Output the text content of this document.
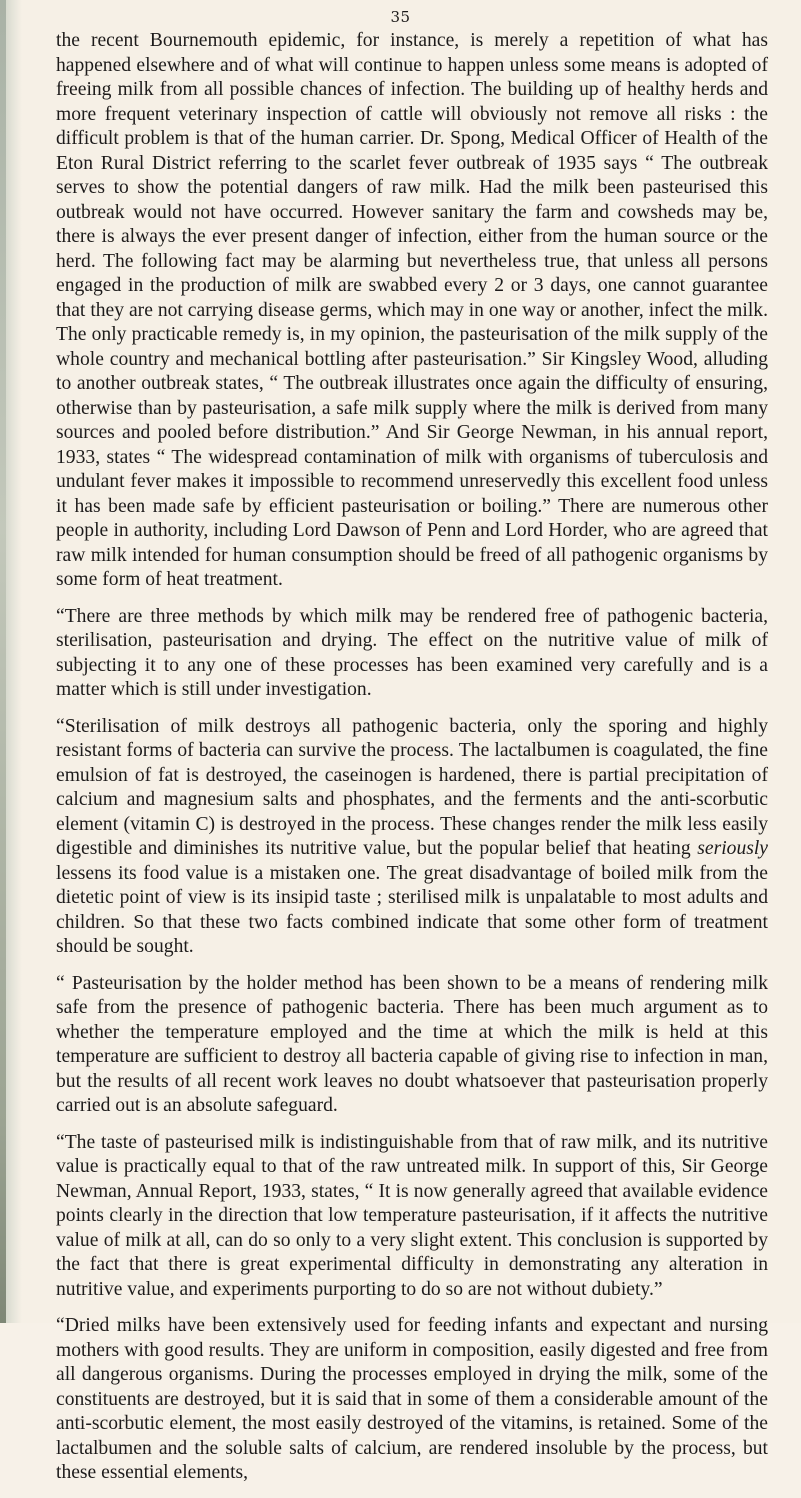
35

the recent Bournemouth epidemic, for instance, is merely a repetition of what has happened elsewhere and of what will continue to happen unless some means is adopted of freeing milk from all possible chances of infection. The building up of healthy herds and more frequent veterinary inspection of cattle will obviously not remove all risks : the difficult problem is that of the human carrier. Dr. Spong, Medical Officer of Health of the Eton Rural District referring to the scarlet fever outbreak of 1935 says “ The outbreak serves to show the potential dangers of raw milk. Had the milk been pasteurised this outbreak would not have occurred. However sanitary the farm and cowsheds may be, there is always the ever present danger of infection, either from the human source or the herd. The following fact may be alarming but nevertheless true, that unless all persons engaged in the production of milk are swabbed every 2 or 3 days, one cannot guarantee that they are not carrying disease germs, which may in one way or another, infect the milk. The only practicable remedy is, in my opinion, the pasteurisation of the milk supply of the whole country and mechanical bottling after pasteurisation.” Sir Kingsley Wood, alluding to another outbreak states, “ The outbreak illustrates once again the difficulty of ensuring, otherwise than by pasteurisation, a safe milk supply where the milk is derived from many sources and pooled before distribution.” And Sir George Newman, in his annual report, 1933, states “ The widespread contamination of milk with organisms of tuberculosis and undulant fever makes it impossible to recommend unreservedly this excellent food unless it has been made safe by efficient pasteurisation or boiling.” There are numerous other people in authority, including Lord Dawson of Penn and Lord Horder, who are agreed that raw milk intended for human consumption should be freed of all pathogenic organisms by some form of heat treatment.

“There are three methods by which milk may be rendered free of pathogenic bacteria, sterilisation, pasteurisation and drying. The effect on the nutritive value of milk of subjecting it to any one of these processes has been examined very carefully and is a matter which is still under investigation.

“Sterilisation of milk destroys all pathogenic bacteria, only the sporing and highly resistant forms of bacteria can survive the process. The lactalbumen is coagulated, the fine emulsion of fat is destroyed, the caseinogen is hardened, there is partial precipitation of calcium and magnesium salts and phosphates, and the ferments and the anti-scorbutic element (vitamin C) is destroyed in the process. These changes render the milk less easily digestible and diminishes its nutritive value, but the popular belief that heating seriously lessens its food value is a mistaken one. The great disadvantage of boiled milk from the dietetic point of view is its insipid taste ; sterilised milk is unpalatable to most adults and children. So that these two facts combined indicate that some other form of treatment should be sought.

“ Pasteurisation by the holder method has been shown to be a means of rendering milk safe from the presence of pathogenic bacteria. There has been much argument as to whether the temperature employed and the time at which the milk is held at this temperature are sufficient to destroy all bacteria capable of giving rise to infection in man, but the results of all recent work leaves no doubt whatsoever that pasteurisation properly carried out is an absolute safeguard.

“The taste of pasteurised milk is indistinguishable from that of raw milk, and its nutritive value is practically equal to that of the raw untreated milk. In support of this, Sir George Newman, Annual Report, 1933, states, “ It is now generally agreed that available evidence points clearly in the direction that low temperature pasteurisation, if it affects the nutritive value of milk at all, can do so only to a very slight extent. This conclusion is supported by the fact that there is great experimental difficulty in demonstrating any alteration in nutritive value, and experiments purporting to do so are not without dubiety.”

“Dried milks have been extensively used for feeding infants and expectant and nursing mothers with good results. They are uniform in composition, easily digested and free from all dangerous organisms. During the processes employed in drying the milk, some of the constituents are destroyed, but it is said that in some of them a considerable amount of the anti-scorbutic element, the most easily destroyed of the vitamins, is retained. Some of the lactalbumen and the soluble salts of calcium, are rendered insoluble by the process, but these essential elements,
